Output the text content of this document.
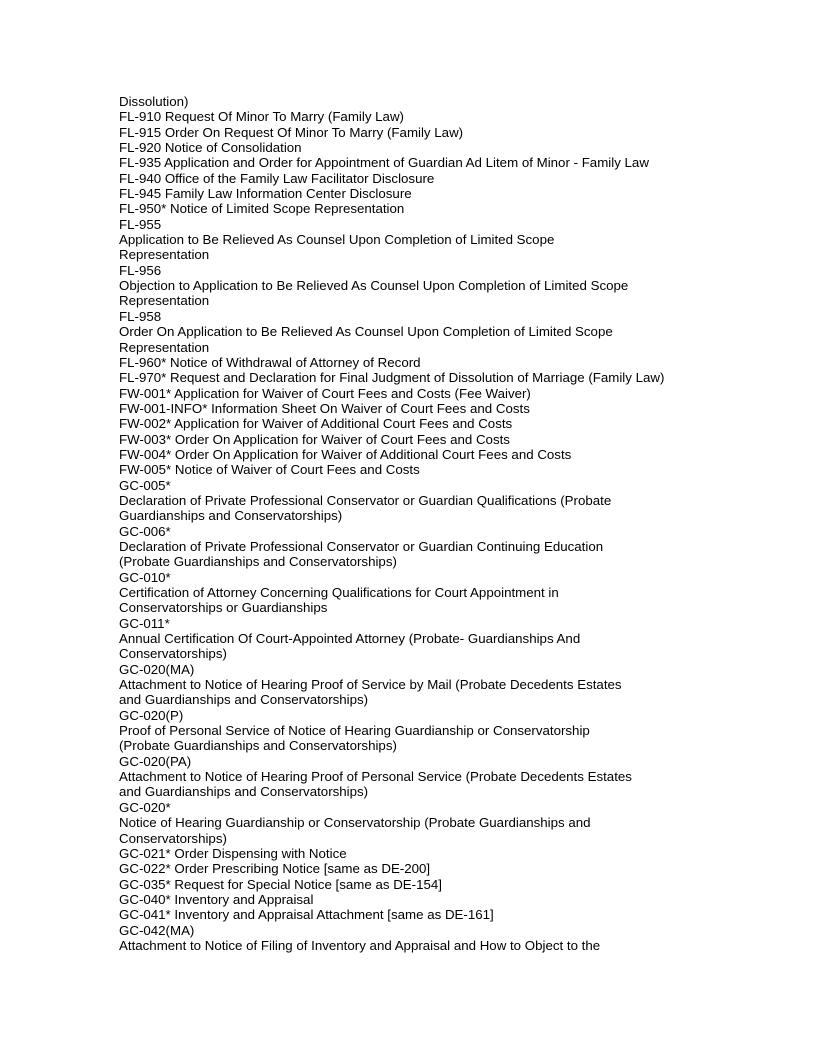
Dissolution)
FL-910 Request Of Minor To Marry (Family Law)
FL-915 Order On Request Of Minor To Marry (Family Law)
FL-920 Notice of Consolidation
FL-935 Application and Order for Appointment of Guardian Ad Litem of Minor - Family Law
FL-940 Office of the Family Law Facilitator Disclosure
FL-945 Family Law Information Center Disclosure
FL-950* Notice of Limited Scope Representation
FL-955
Application to Be Relieved As Counsel Upon Completion of Limited Scope
Representation
FL-956
Objection to Application to Be Relieved As Counsel Upon Completion of Limited Scope
Representation
FL-958
Order On Application to Be Relieved As Counsel Upon Completion of Limited Scope
Representation
FL-960* Notice of Withdrawal of Attorney of Record
FL-970* Request and Declaration for Final Judgment of Dissolution of Marriage (Family Law)
FW-001* Application for Waiver of Court Fees and Costs (Fee Waiver)
FW-001-INFO* Information Sheet On Waiver of Court Fees and Costs
FW-002* Application for Waiver of Additional Court Fees and Costs
FW-003* Order On Application for Waiver of Court Fees and Costs
FW-004* Order On Application for Waiver of Additional Court Fees and Costs
FW-005* Notice of Waiver of Court Fees and Costs
GC-005*
Declaration of Private Professional Conservator or Guardian Qualifications (Probate
Guardianships and Conservatorships)
GC-006*
Declaration of Private Professional Conservator or Guardian Continuing Education
(Probate Guardianships and Conservatorships)
GC-010*
Certification of Attorney Concerning Qualifications for Court Appointment in
Conservatorships or Guardianships
GC-011*
Annual Certification Of Court-Appointed Attorney (Probate- Guardianships And
Conservatorships)
GC-020(MA)
Attachment to Notice of Hearing Proof of Service by Mail (Probate Decedents Estates
and Guardianships and Conservatorships)
GC-020(P)
Proof of Personal Service of Notice of Hearing Guardianship or Conservatorship
(Probate Guardianships and Conservatorships)
GC-020(PA)
Attachment to Notice of Hearing Proof of Personal Service (Probate Decedents Estates
and Guardianships and Conservatorships)
GC-020*
Notice of Hearing Guardianship or Conservatorship (Probate Guardianships and
Conservatorships)
GC-021* Order Dispensing with Notice
GC-022* Order Prescribing Notice [same as DE-200]
GC-035* Request for Special Notice [same as DE-154]
GC-040* Inventory and Appraisal
GC-041* Inventory and Appraisal Attachment [same as DE-161]
GC-042(MA)
Attachment to Notice of Filing of Inventory and Appraisal and How to Object to the
